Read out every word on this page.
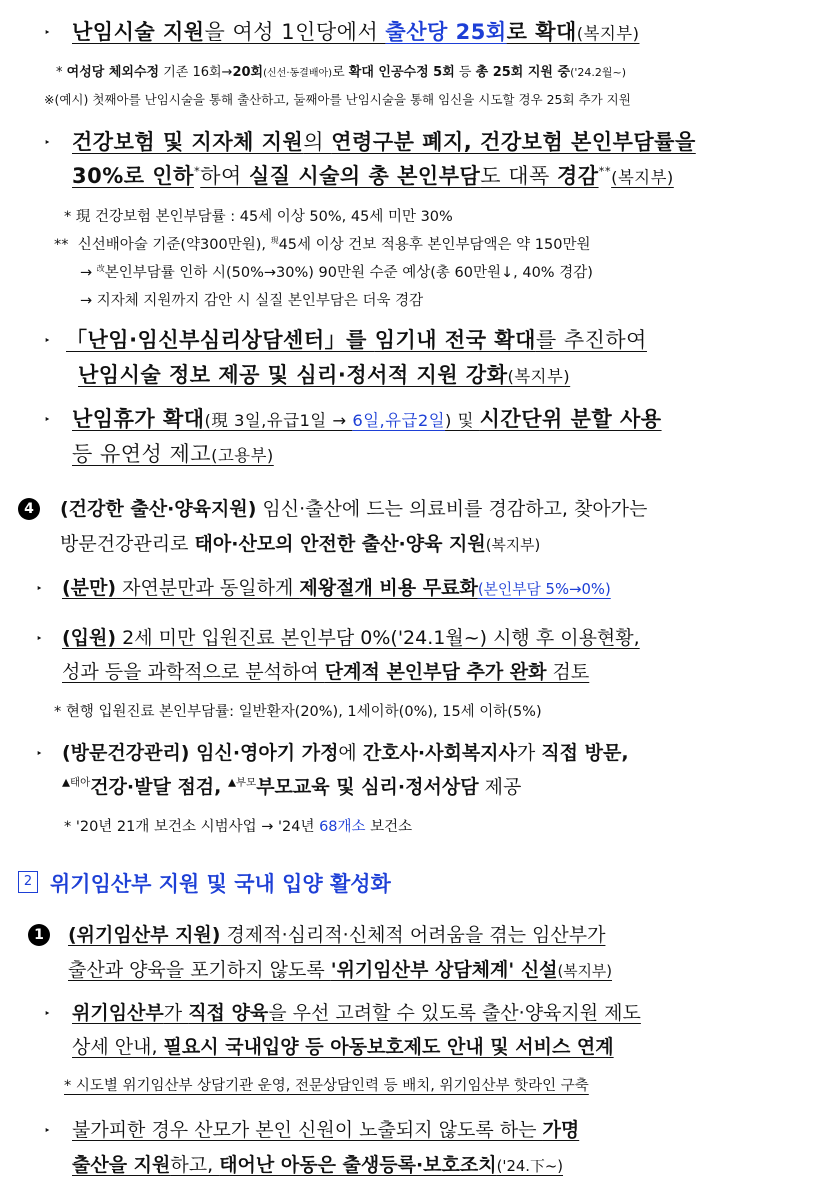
‣ 난임시술 지원을 여성 1인당에서 출산당 25회로 확대(복지부)
* 여성당 체외수정 기존 16회→20회(신선·동결배아)로 확대 인공수정 5회 등 총 25회 지원 중('24.2월~)
※(예시) 첫째아를 난임시술을 통해 출산하고, 둘째아를 난임시술을 통해 임신을 시도할 경우 25회 추가 지원
‣ 건강보험 및 지자체 지원의 연령구분 폐지, 건강보험 본인부담률을
30%로 인하*하여 실질 시술의 총 본인부담도 대폭 경감**(복지부)
* 現 건강보험 본인부담률 : 45세 이상 50%, 45세 미만 30%
** 신선배아술 기준(약300만원), $^現$45세 이상 건보 적용후 본인부담액은 약 150만원
→ $^改$본인부담률 인하 시(50%→30%) 90만원 수준 예상(총 60만원↓, 40% 경감)
→ 지자체 지원까지 감안 시 실질 본인부담은 더욱 경감
‣ 「난임·임신부심리상담센터」를 임기내 전국 확대를 추진하여
난임시술 정보 제공 및 심리·정서적 지원 강화(복지부)
‣ 난임휴가 확대(現 3일,유급1일 → 6일,유급2일) 및 시간단위 분할 사용
등 유연성 제고(고용부)
4	(건강한 출산·양육지원) 임신·출산에 드는 의료비를 경감하고, 찾아가는
방문건강관리로 태아·산모의 안전한 출산·양육 지원(복지부)
‣ (분만) 자연분만과 동일하게 제왕절개 비용 무료화(본인부담 5%→0%)
‣ (입원) 2세 미만 입원진료 본인부담 0%('24.1월~) 시행 후 이용현황,
성과 등을 과학적으로 분석하여 단계적 본인부담 추가 완화 검토
* 현행 입원진료 본인부담률: 일반환자(20%), 1세이하(0%), 15세 이하(5%)
‣ (방문건강관리) 임신·영아기 가정에 간호사·사회복지사가 직접 방문,
$^{▲태아}$건강·발달 점검, $^{▲부모}$부모교육 및 심리·정서상담 제공
* '20년 21개 보건소 시범사업 → '24년 68개소 보건소
2 위기임산부 지원 및 국내 입양 활성화
1	(위기임산부 지원) 경제적·심리적·신체적 어려움을 겪는 임산부가
출산과 양육을 포기하지 않도록 '위기임산부 상담체계' 신설(복지부)
‣ 위기임산부가 직접 양육을 우선 고려할 수 있도록 출산·양육지원 제도
상세 안내, 필요시 국내입양 등 아동보호제도 안내 및 서비스 연계
* 시도별 위기임산부 상담기관 운영, 전문상담인력 등 배치, 위기임산부 핫라인 구축
‣ 불가피한 경우 산모가 본인 신원이 노출되지 않도록 하는 가명
출산을 지원하고, 태어난 아동은 출생등록·보호조치('24.下~)
